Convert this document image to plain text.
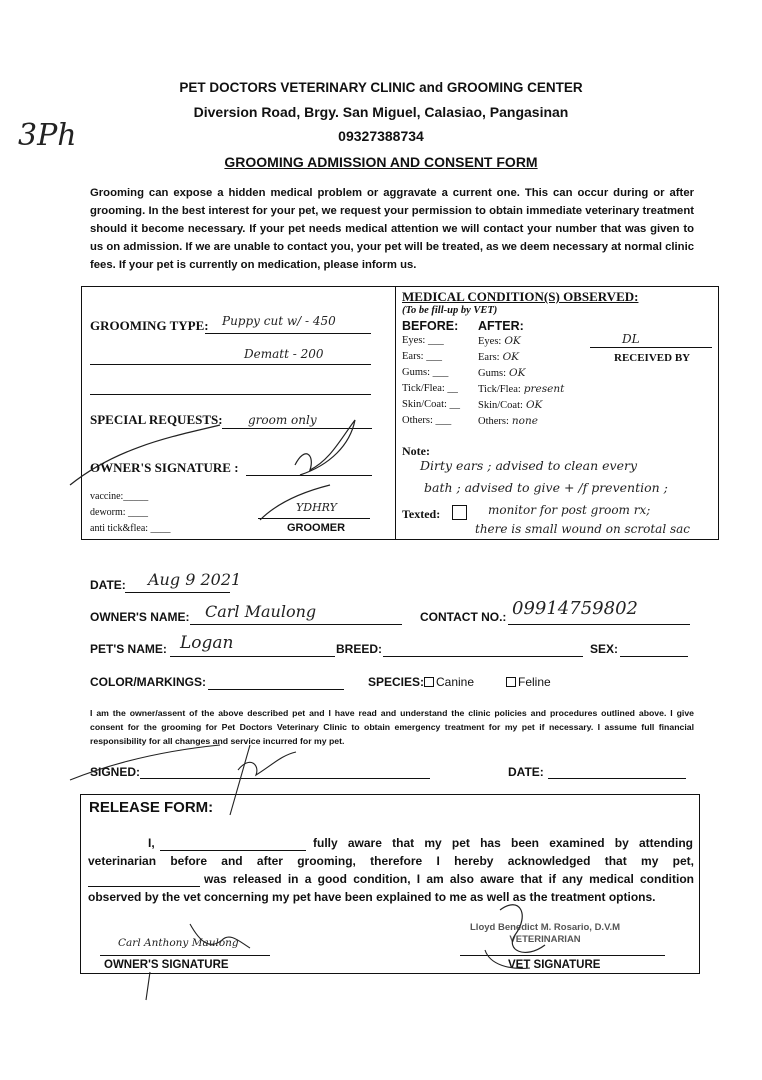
3Ph
PET DOCTORS VETERINARY CLINIC and GROOMING CENTER
Diversion Road, Brgy. San Miguel, Calasiao, Pangasinan
09327388734
GROOMING ADMISSION AND CONSENT FORM
Grooming can expose a hidden medical problem or aggravate a current one. This can occur during or after grooming. In the best interest for your pet, we request your permission to obtain immediate veterinary treatment should it become necessary. If your pet needs medical attention we will contact your number that was given to us on admission. If we are unable to contact you, your pet will be treated, as we deem necessary at normal clinic fees. If your pet is currently on medication, please inform us.
GROOMING TYPE: Puppy cut w/ - 450
Dematt - 200
SPECIAL REQUESTS: groom only
OWNER'S SIGNATURE :
vaccine:_____
deworm: ____
anti tick&flea: ____
YDHRY
GROOMER
MEDICAL CONDITION(S) OBSERVED:
(To be fill-up by VET)
BEFORE: AFTER:
Eyes: ___	Eyes: OK
Ears: ___	Ears: OK
Gums: ___	Gums: OK
Tick/Flea: __ Tick/Flea: present
Skin/Coat: __ Skin/Coat: OK
Others: ___	Others: none
DL
RECEIVED BY
Note:
Dirty ears ; advised to clean every
bath ; advised to give + /f prevention ;
Texted:	monitor for post groom rx;
there is small wound on scrotal sac
DATE: Aug 9 2021
OWNER'S NAME: Carl Maulong	CONTACT NO.: 09914759802
PET'S NAME: Logan	BREED:	SEX:
COLOR/MARKINGS:	SPECIES: Canine	Feline
I am the owner/assent of the above described pet and I have read and understand the clinic policies and procedures outlined above. I give consent for the grooming for Pet Doctors Veterinary Clinic to obtain emergency treatment for my pet if necessary. I assume full financial responsibility for all changes and service incurred for my pet.
SIGNED:	DATE:
RELEASE FORM:
I,	fully aware that my pet has been examined by attending
veterinarian before and after grooming, therefore I hereby acknowledged that my pet,
was released in a good condition, I am also aware that if any medical condition
observed by the vet concerning my pet have been explained to me as well as the treatment options.
Carl Anthony Maulong
OWNER'S SIGNATURE
Lloyd Benedict M. Rosario, D.V.M
VETERINARIAN
VET SIGNATURE
